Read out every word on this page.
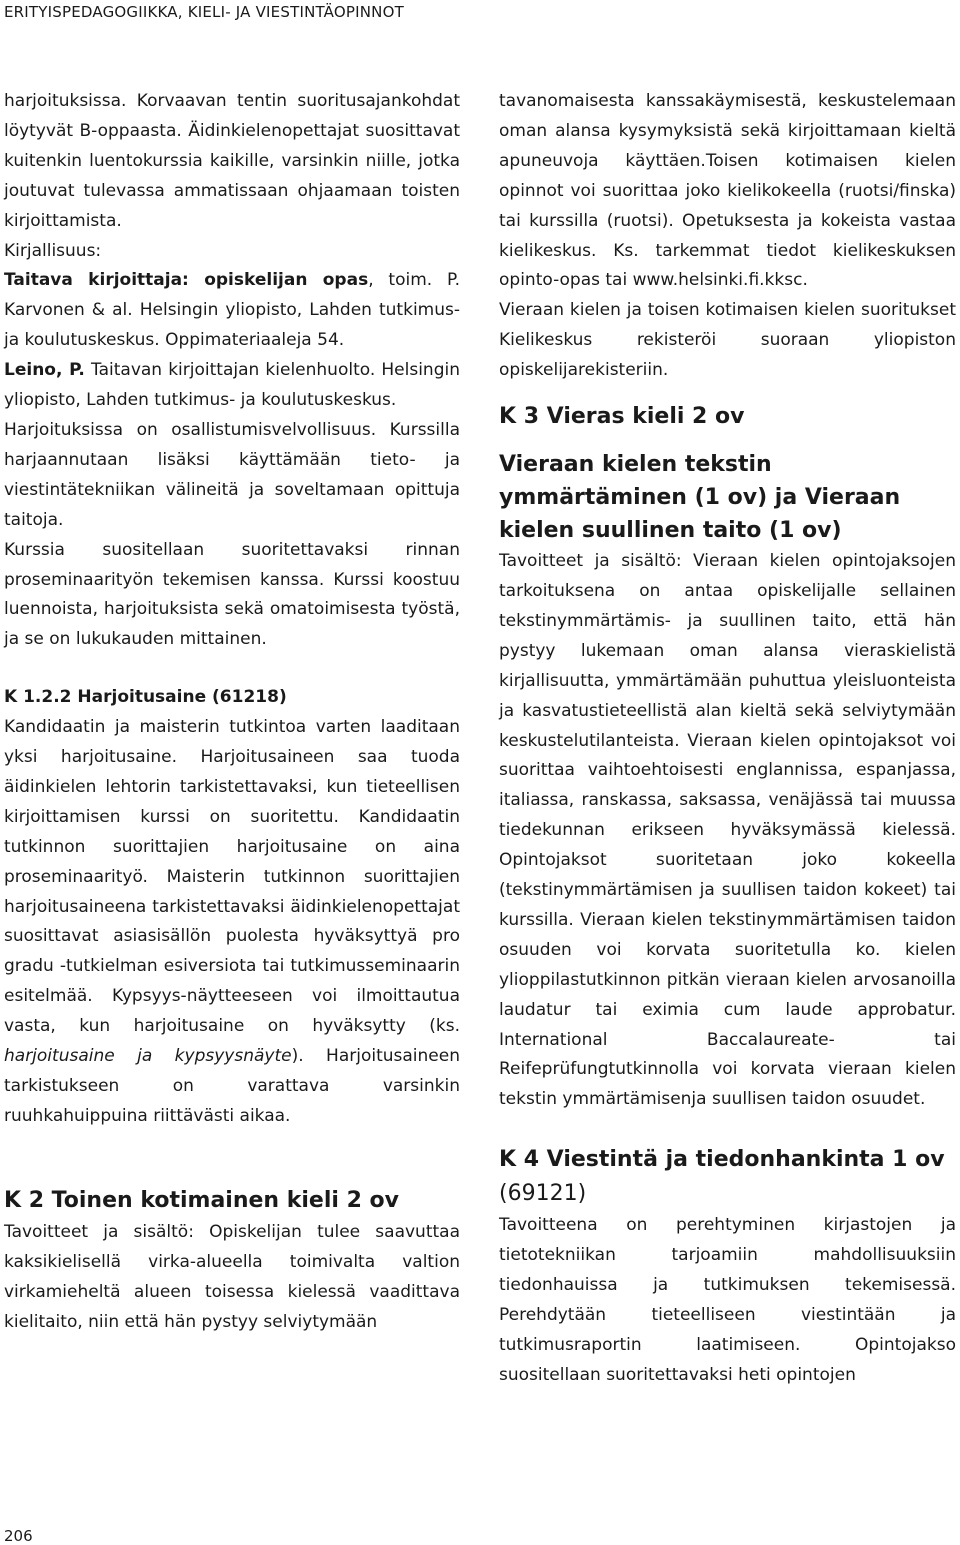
ERITYISPEDAGOGIIKKA, KIELI- JA VIESTINTÄOPINNOT

harjoituksissa. Korvaavan tentin suoritusajankohdat löytyvät B-oppaasta. Äidinkielenopettajat suosittavat kuitenkin luentokurssia kaikille, varsinkin niille, jotka joutuvat tulevassa ammatissaan ohjaamaan toisten kirjoittamista.

Kirjallisuus:

Taitava kirjoittaja: opiskelijan opas, toim. P. Karvonen & al. Helsingin yliopisto, Lahden tutkimus- ja koulutuskeskus. Oppimateriaaleja 54.

Leino, P. Taitavan kirjoittajan kielenhuolto. Helsingin yliopisto, Lahden tutkimus- ja koulutuskeskus.

Harjoituksissa on osallistumisvelvollisuus. Kurssilla harjaannutaan lisäksi käyttämään tieto- ja viestintätekniikan välineitä ja soveltamaan opittuja taitoja.

Kurssia suositellaan suoritettavaksi rinnan proseminaarityön tekemisen kanssa. Kurssi koostuu luennoista, harjoituksista sekä omatoimisesta työstä, ja se on lukukauden mittainen.

K 1.2.2 Harjoitusaine (61218)

Kandidaatin ja maisterin tutkintoa varten laaditaan yksi harjoitusaine. Harjoitusaineen saa tuoda äidinkielen lehtorin tarkistettavaksi, kun tieteellisen kirjoittamisen kurssi on suoritettu. Kandidaatin tutkinnon suorittajien harjoitusaine on aina proseminaarityö. Maisterin tutkinnon suorittajien harjoitusaineena tarkistettavaksi äidinkielenopettajat suosittavat asiasisällön puolesta hyväksyttyä pro gradu -tutkielman esiversiota tai tutkimusseminaarin esitelmää. Kypsyys-näytteeseen voi ilmoittautua vasta, kun harjoitusaine on hyväksytty (ks. harjoitusaine ja kypsyysnäyte). Harjoitusaineen tarkistukseen on varattava varsinkin ruuhkahuippuina riittävästi aikaa.

K 2 Toinen kotimainen kieli 2 ov

Tavoitteet ja sisältö: Opiskelijan tulee saavuttaa kaksikielisellä virka-alueella toimivalta valtion virkamieheltä alueen toisessa kielessä vaadittava kielitaito, niin että hän pystyy selviytymään

tavanomaisesta kanssakäymisestä, keskustelemaan oman alansa kysymyksistä sekä kirjoittamaan kieltä apuneuvoja käyttäen.Toisen kotimaisen kielen opinnot voi suorittaa joko kielikokeella (ruotsi/finska) tai kurssilla (ruotsi). Opetuksesta ja kokeista vastaa kielikeskus. Ks. tarkemmat tiedot kielikeskuksen opinto-opas tai www.helsinki.fi.kksc.

Vieraan kielen ja toisen kotimaisen kielen suoritukset Kielikeskus rekisteröi suoraan yliopiston opiskelijarekisteriin.

K 3 Vieras kieli 2 ov
Vieraan kielen tekstin ymmärtäminen (1 ov) ja Vieraan kielen suullinen taito (1 ov)

Tavoitteet ja sisältö: Vieraan kielen opintojaksojen tarkoituksena on antaa opiskelijalle sellainen tekstinymmärtämis- ja suullinen taito, että hän pystyy lukemaan oman alansa vieraskielistä kirjallisuutta, ymmärtämään puhuttua yleisluonteista ja kasvatustieteellistä alan kieltä sekä selviytymään keskustelutilanteista. Vieraan kielen opintojaksot voi suorittaa vaihtoehtoisesti englannissa, espanjassa, italiassa, ranskassa, saksassa, venäjässä tai muussa tiedekunnan erikseen hyväksymässä kielessä. Opintojaksot suoritetaan joko kokeella (tekstinymmärtämisen ja suullisen taidon kokeet) tai kurssilla. Vieraan kielen tekstinymmärtämisen taidon osuuden voi korvata suoritetulla ko. kielen ylioppilastutkinnon pitkän vieraan kielen arvosanoilla laudatur tai eximia cum laude approbatur. International Baccalaureate- tai Reifeprüfungtutkinnolla voi korvata vieraan kielen tekstin ymmärtämisenja suullisen taidon osuudet.

K 4 Viestintä ja tiedonhankinta 1 ov (69121)

Tavoitteena on perehtyminen kirjastojen ja tietotekniikan tarjoamiin mahdollisuuksiin tiedonhauissa ja tutkimuksen tekemisessä. Perehdytään tieteelliseen viestintään ja tutkimusraportin laatimiseen. Opintojakso suositellaan suoritettavaksi heti opintojen

206
